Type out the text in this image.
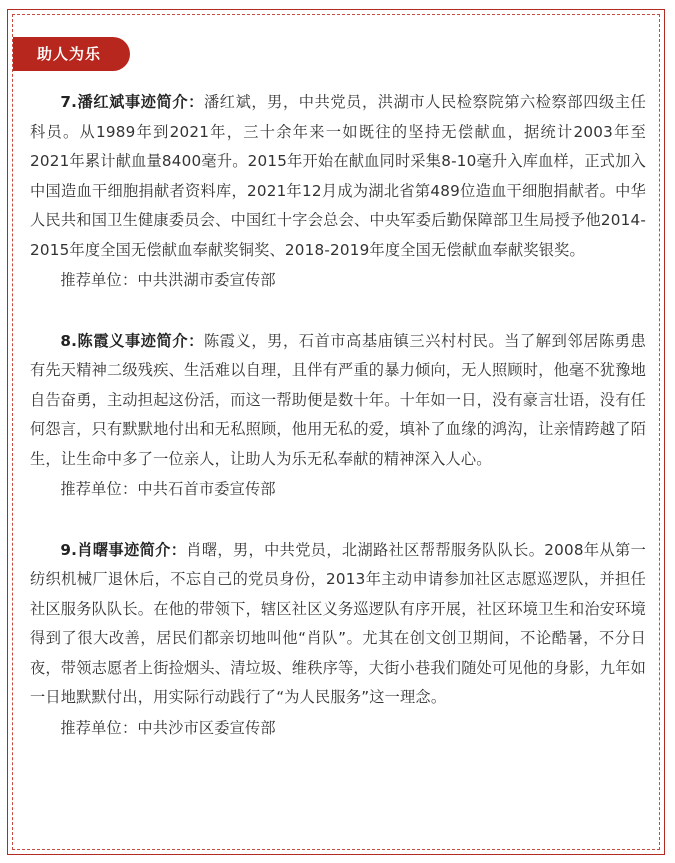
助人为乐

7.潘红斌事迹简介：潘红斌，男，中共党员，洪湖市人民检察院第六检察部四级主任科员。从1989年到2021年，三十余年来一如既往的坚持无偿献血，据统计2003年至2021年累计献血量8400毫升。2015年开始在献血同时采集8-10毫升入库血样，正式加入中国造血干细胞捐献者资料库，2021年12月成为湖北省第489位造血干细胞捐献者。中华人民共和国卫生健康委员会、中国红十字会总会、中央军委后勤保障部卫生局授予他2014-2015年度全国无偿献血奉献奖铜奖、2018-2019年度全国无偿献血奉献奖银奖。

推荐单位：中共洪湖市委宣传部

8.陈霞义事迹简介：陈霞义，男，石首市高基庙镇三兴村村民。当了解到邻居陈勇患有先天精神二级残疾、生活难以自理，且伴有严重的暴力倾向，无人照顾时，他毫不犹豫地自告奋勇，主动担起这份活，而这一帮助便是数十年。十年如一日，没有豪言壮语，没有任何怨言，只有默默地付出和无私照顾，他用无私的爱，填补了血缘的鸿沟，让亲情跨越了陌生，让生命中多了一位亲人，让助人为乐无私奉献的精神深入人心。

推荐单位：中共石首市委宣传部

9.肖曙事迹简介：肖曙，男，中共党员，北湖路社区帮帮服务队队长。2008年从第一纺织机械厂退休后，不忘自己的党员身份，2013年主动申请参加社区志愿巡逻队，并担任社区服务队队长。在他的带领下，辖区社区义务巡逻队有序开展，社区环境卫生和治安环境得到了很大改善，居民们都亲切地叫他“肖队”。尤其在创文创卫期间，不论酷暑，不分日夜，带领志愿者上街捡烟头、清垃圾、维秩序等，大街小巷我们随处可见他的身影，九年如一日地默默付出，用实际行动践行了“为人民服务”这一理念。

推荐单位：中共沙市区委宣传部
